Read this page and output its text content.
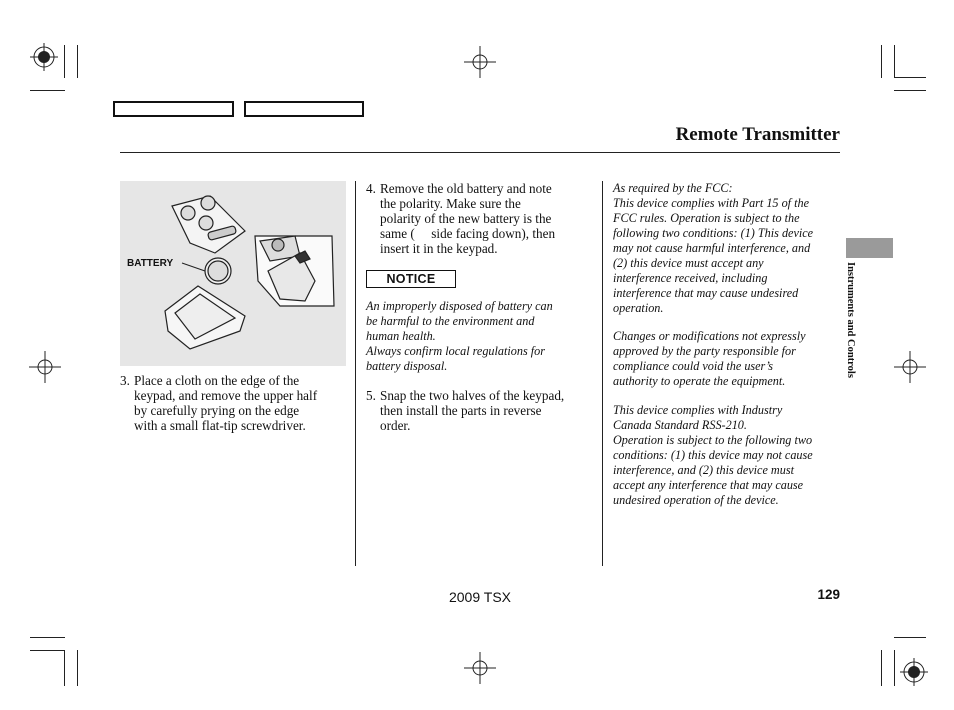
Remote Transmitter
BATTERY
3. Place a cloth on the edge of the
keypad, and remove the upper half
by carefully prying on the edge
with a small flat-tip screwdriver.
4. Remove the old battery and note
the polarity. Make sure the
polarity of the new battery is the
same (     side facing down), then
insert it in the keypad.
NOTICE
An improperly disposed of battery can
be harmful to the environment and
human health.
Always confirm local regulations for
battery disposal.
5. Snap the two halves of the keypad,
then install the parts in reverse
order.
As required by the FCC:
This device complies with Part 15 of the
FCC rules. Operation is subject to the
following two conditions: (1) This device
may not cause harmful interference, and
(2) this device must accept any
interference received, including
interference that may cause undesired
operation.
Changes or modifications not expressly
approved by the party responsible for
compliance could void the user’s
authority to operate the equipment.
This device complies with Industry
Canada Standard RSS-210.
Operation is subject to the following two
conditions: (1) this device may not cause
interference, and (2) this device must
accept any interference that may cause
undesired operation of the device.
Instruments and Controls
2009 TSX	129
